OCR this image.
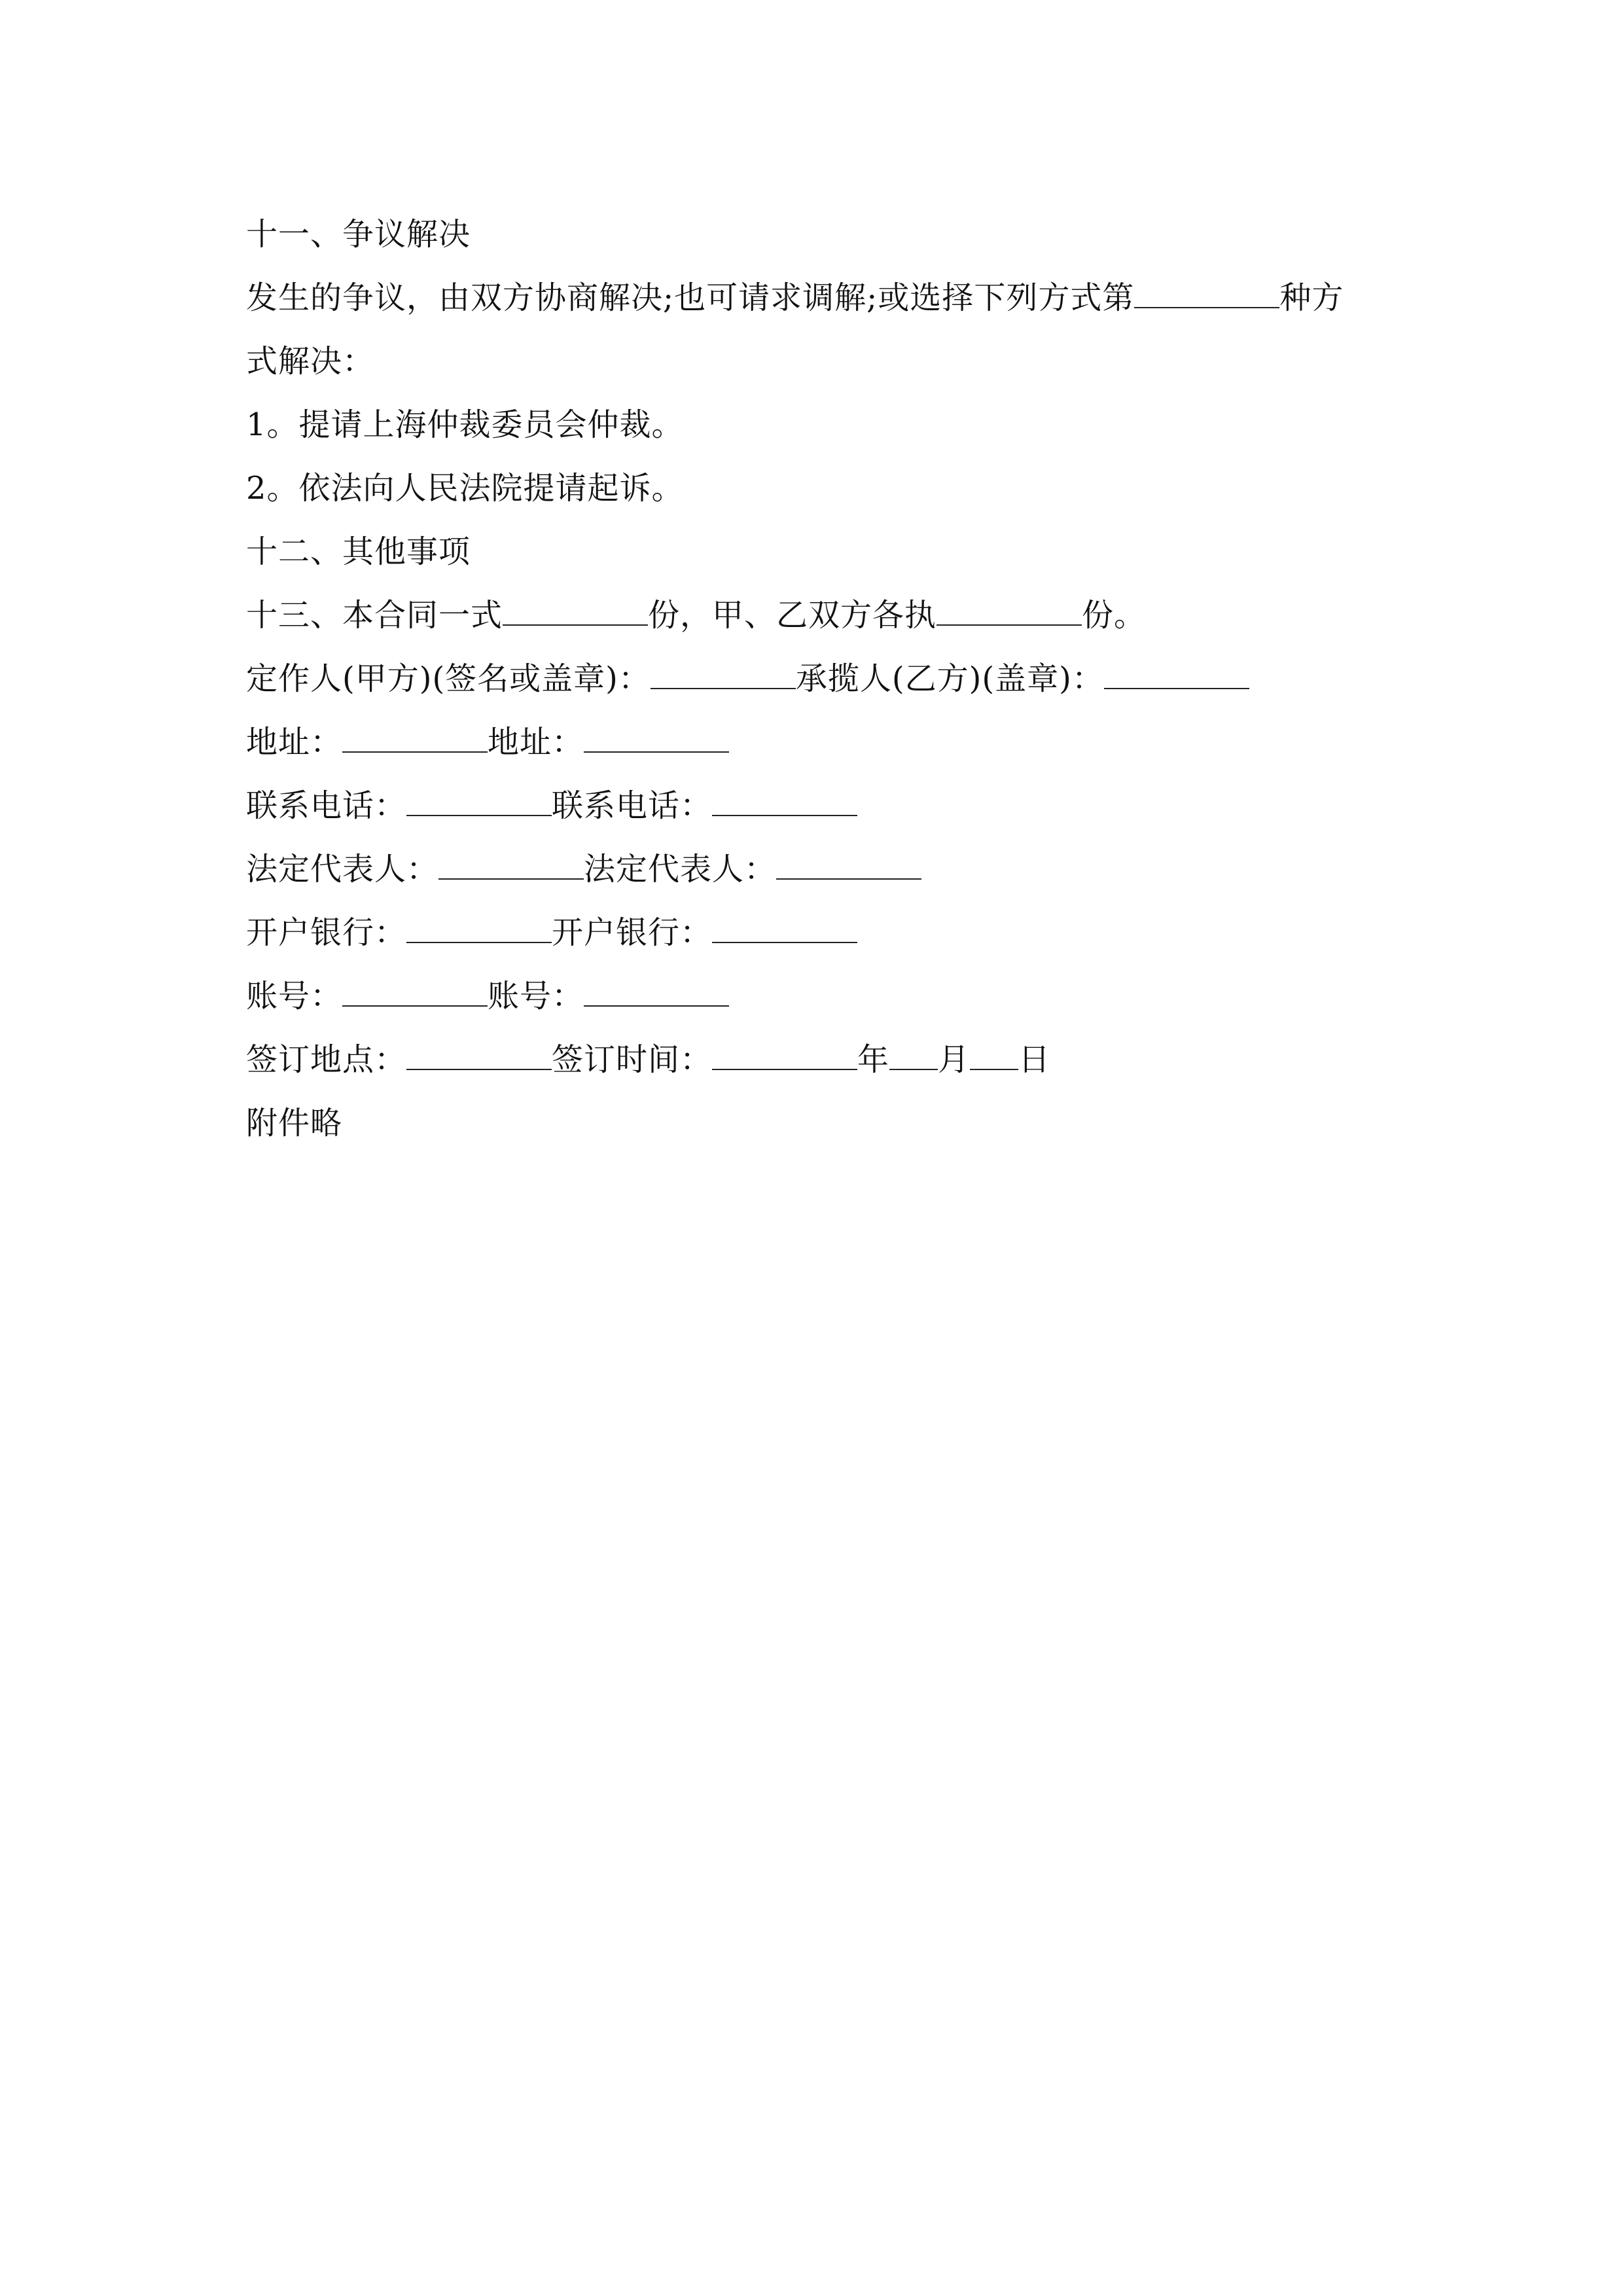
十一、争议解决
发生的争议，由双方协商解决;也可请求调解;或选择下列方式第	种方
式解决：
1。提请上海仲裁委员会仲裁。
2。依法向人民法院提请起诉。
十二、其他事项
十三、本合同一式	份，甲、乙双方各执	份。
定作人(甲方)(签名或盖章)：	承揽人(乙方)(盖章)：
地址：	地址：
联系电话：	联系电话：
法定代表人：	法定代表人：
开户银行：	开户银行：
账号：	账号：
签订地点：	签订时间：	年 月 日
附件略
